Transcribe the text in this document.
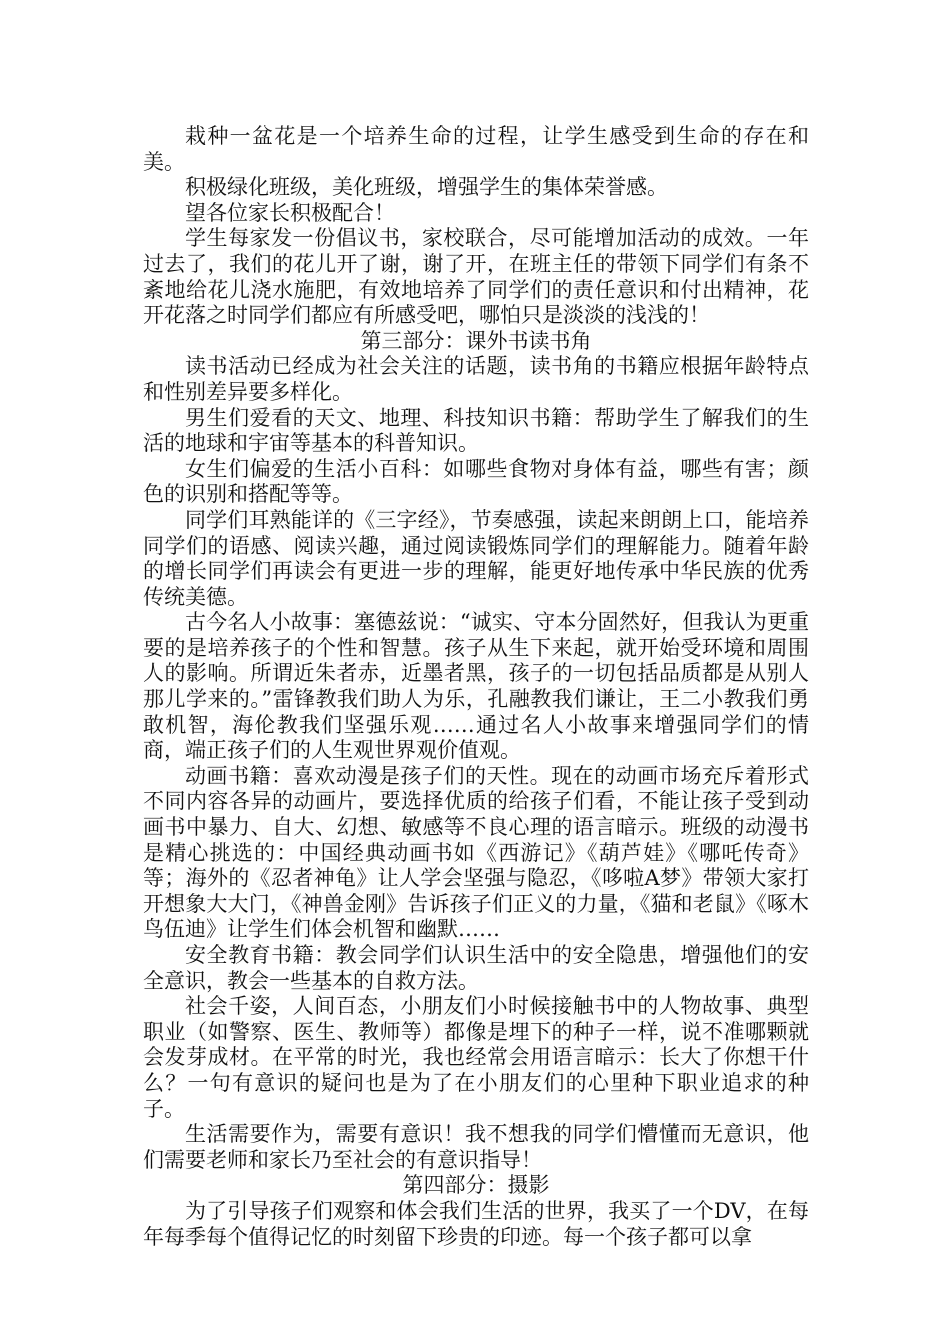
栽种一盆花是一个培养生命的过程，让学生感受到生命的存在和美。

积极绿化班级，美化班级，增强学生的集体荣誉感。

望各位家长积极配合！

学生每家发一份倡议书，家校联合，尽可能增加活动的成效。一年过去了，我们的花儿开了谢，谢了开，在班主任的带领下同学们有条不紊地给花儿浇水施肥，有效地培养了同学们的责任意识和付出精神，花开花落之时同学们都应有所感受吧，哪怕只是淡淡的浅浅的！

第三部分：课外书读书角

读书活动已经成为社会关注的话题，读书角的书籍应根据年龄特点和性别差异要多样化。

男生们爱看的天文、地理、科技知识书籍：帮助学生了解我们的生活的地球和宇宙等基本的科普知识。

女生们偏爱的生活小百科：如哪些食物对身体有益，哪些有害；颜色的识别和搭配等等。

同学们耳熟能详的《三字经》，节奏感强，读起来朗朗上口，能培养同学们的语感、阅读兴趣，通过阅读锻炼同学们的理解能力。随着年龄的增长同学们再读会有更进一步的理解，能更好地传承中华民族的优秀传统美德。

古今名人小故事：塞德兹说：“诚实、守本分固然好，但我认为更重要的是培养孩子的个性和智慧。孩子从生下来起，就开始受环境和周围人的影响。所谓近朱者赤，近墨者黑，孩子的一切包括品质都是从别人那儿学来的。”雷锋教我们助人为乐，孔融教我们谦让，王二小教我们勇敢机智，海伦教我们坚强乐观……通过名人小故事来增强同学们的情商，端正孩子们的人生观世界观价值观。

动画书籍：喜欢动漫是孩子们的天性。现在的动画市场充斥着形式不同内容各异的动画片，要选择优质的给孩子们看，不能让孩子受到动画书中暴力、自大、幻想、敏感等不良心理的语言暗示。班级的动漫书是精心挑选的：中国经典动画书如《西游记》《葫芦娃》《哪吒传奇》等；海外的《忍者神龟》让人学会坚强与隐忍，《哆啦A梦》带领大家打开想象大大门，《神兽金刚》告诉孩子们正义的力量，《猫和老鼠》《啄木鸟伍迪》让学生们体会机智和幽默……

安全教育书籍：教会同学们认识生活中的安全隐患，增强他们的安全意识，教会一些基本的自救方法。

社会千姿，人间百态，小朋友们小时候接触书中的人物故事、典型职业（如警察、医生、教师等）都像是埋下的种子一样，说不准哪颗就会发芽成材。在平常的时光，我也经常会用语言暗示：长大了你想干什么？一句有意识的疑问也是为了在小朋友们的心里种下职业追求的种子。

生活需要作为，需要有意识！我不想我的同学们懵懂而无意识，他们需要老师和家长乃至社会的有意识指导！

第四部分：摄影

为了引导孩子们观察和体会我们生活的世界，我买了一个DV，在每年每季每个值得记忆的时刻留下珍贵的印迹。每一个孩子都可以拿
